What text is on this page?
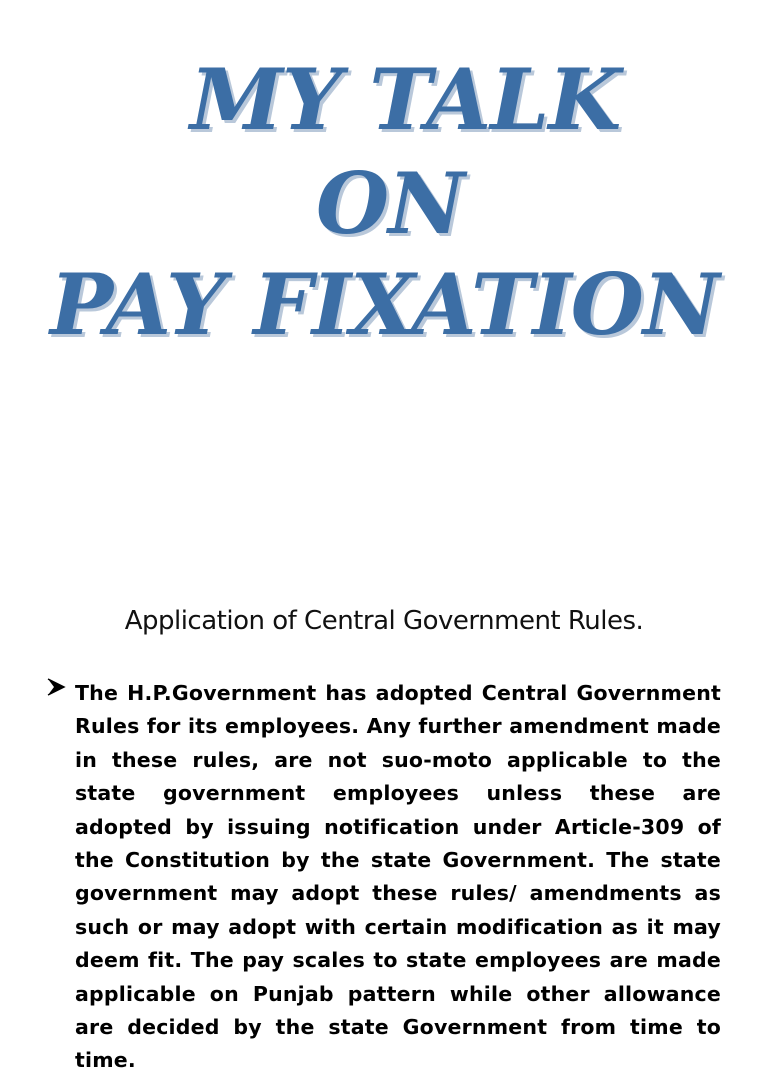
MY TALK
ON
PAY FIXATION
Application of Central Government Rules.
The H.P.Government has adopted Central Government Rules for its employees. Any further amendment made in these rules, are not suo-moto applicable to the state government employees unless these are adopted by issuing notification under Article-309 of the Constitution by the state Government. The state government may adopt these rules/ amendments as such or may adopt with certain modification as it may deem fit. The pay scales to state employees are made applicable on Punjab pattern while other allowance are decided by the state Government from time to time.
